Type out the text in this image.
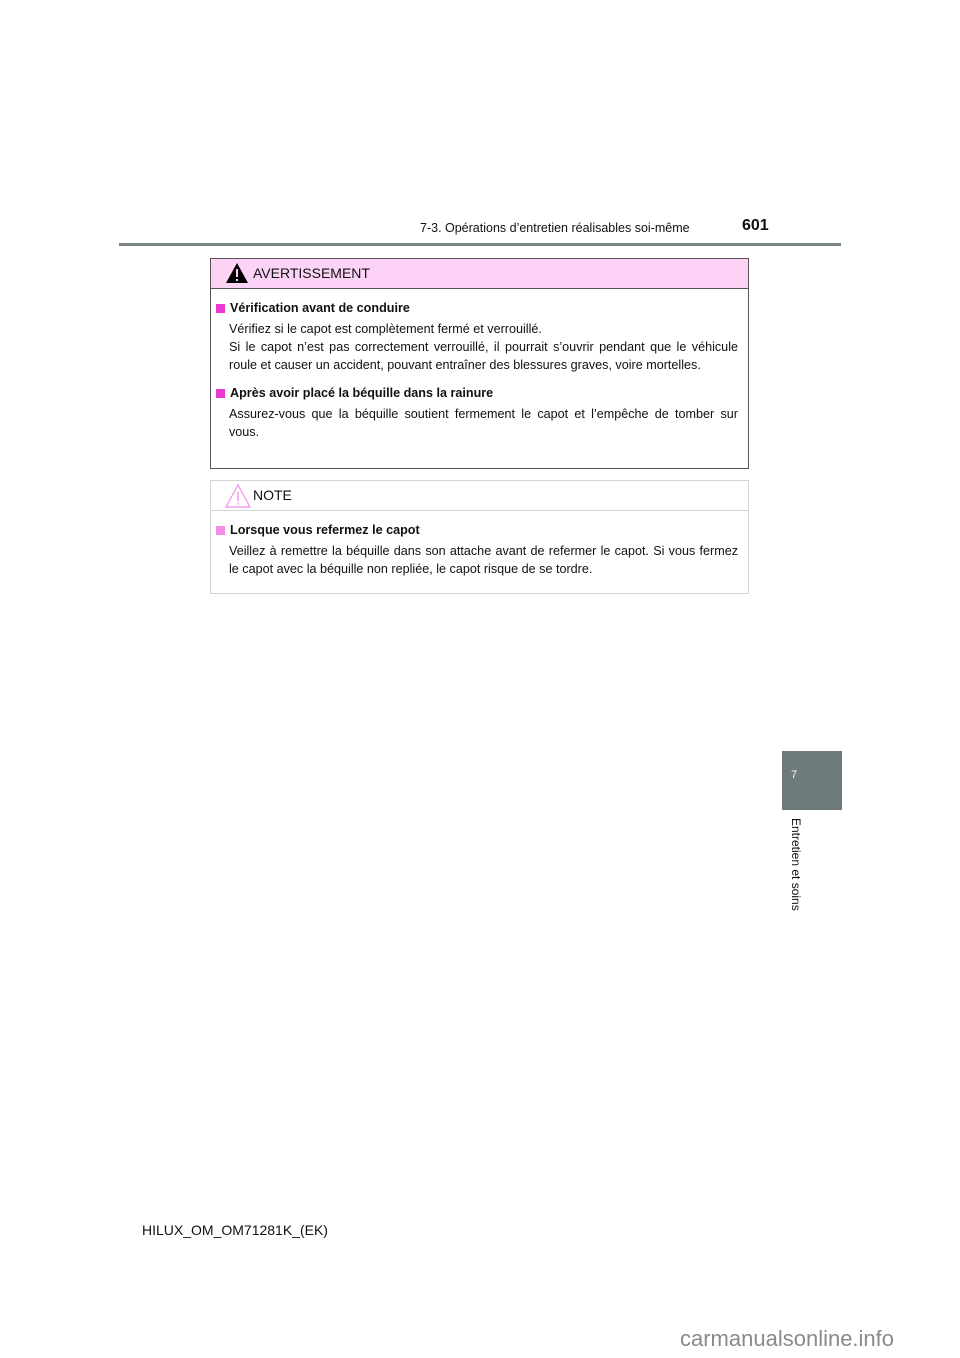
7-3. Opérations d’entretien réalisables soi-même	601
AVERTISSEMENT
Vérification avant de conduire

Vérifiez si le capot est complètement fermé et verrouillé.
Si le capot n’est pas correctement verrouillé, il pourrait s’ouvrir pendant que le véhicule roule et causer un accident, pouvant entraîner des blessures graves, voire mortelles.

Après avoir placé la béquille dans la rainure

Assurez-vous que la béquille soutient fermement le capot et l’empêche de tomber sur vous.

NOTE
Lorsque vous refermez le capot

Veillez à remettre la béquille dans son attache avant de refermer le capot. Si vous fermez le capot avec la béquille non repliée, le capot risque de se tordre.

7
Entretien et soins
HILUX_OM_OM71281K_(EK)
carmanualsonline.info
